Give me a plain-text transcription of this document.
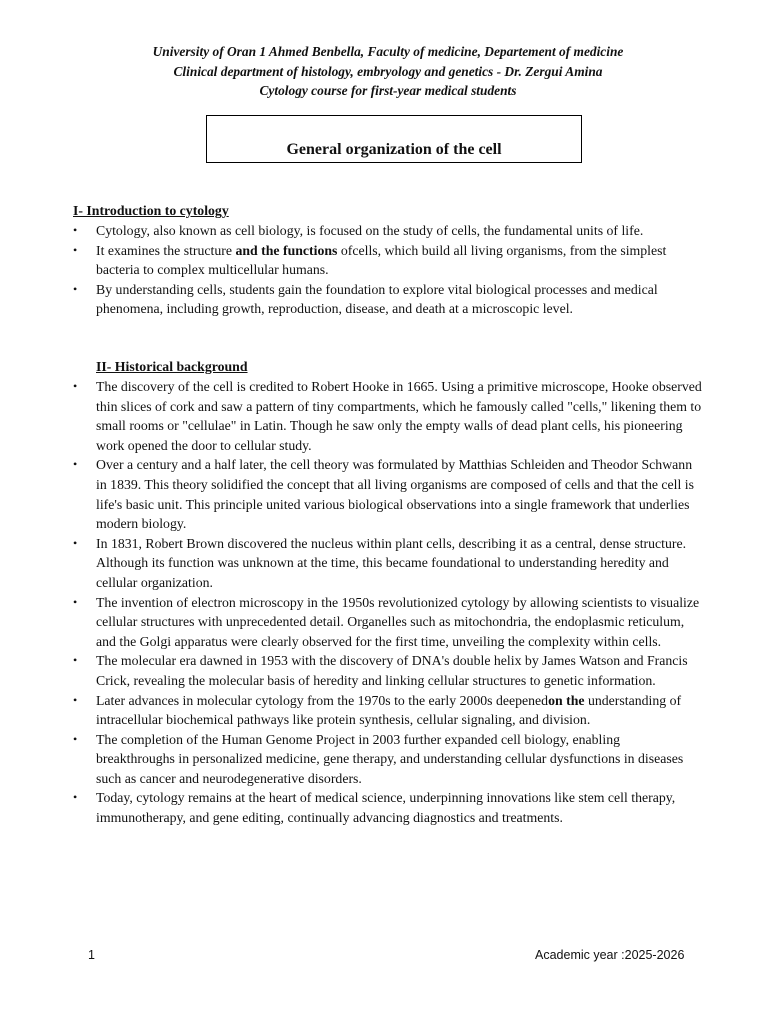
University of Oran 1 Ahmed Benbella, Faculty of medicine, Departement of medicine
Clinical department of histology, embryology and genetics - Dr. Zergui Amina
Cytology course for first-year medical students
General organization of the cell
I- Introduction to cytology
• Cytology, also known as cell biology, is focused on the study of cells, the fundamental units of life.
• It examines the structure and the functions ofcells, which build all living organisms, from the simplest bacteria to complex multicellular humans.
• By understanding cells, students gain the foundation to explore vital biological processes and medical phenomena, including growth, reproduction, disease, and death at a microscopic level.
II- Historical background
• The discovery of the cell is credited to Robert Hooke in 1665. Using a primitive microscope, Hooke observed thin slices of cork and saw a pattern of tiny compartments, which he famously called "cells," likening them to small rooms or "cellulae" in Latin. Though he saw only the empty walls of dead plant cells, his pioneering work opened the door to cellular study.
• Over a century and a half later, the cell theory was formulated by Matthias Schleiden and Theodor Schwann in 1839. This theory solidified the concept that all living organisms are composed of cells and that the cell is life's basic unit. This principle united various biological observations into a single framework that underlies modern biology.
• In 1831, Robert Brown discovered the nucleus within plant cells, describing it as a central, dense structure. Although its function was unknown at the time, this became foundational to understanding heredity and cellular organization.
• The invention of electron microscopy in the 1950s revolutionized cytology by allowing scientists to visualize cellular structures with unprecedented detail. Organelles such as mitochondria, the endoplasmic reticulum, and the Golgi apparatus were clearly observed for the first time, unveiling the complexity within cells.
• The molecular era dawned in 1953 with the discovery of DNA's double helix by James Watson and Francis Crick, revealing the molecular basis of heredity and linking cellular structures to genetic information.
• Later advances in molecular cytology from the 1970s to the early 2000s deepenedon the understanding of intracellular biochemical pathways like protein synthesis, cellular signaling, and division.
• The completion of the Human Genome Project in 2003 further expanded cell biology, enabling breakthroughs in personalized medicine, gene therapy, and understanding cellular dysfunctions in diseases such as cancer and neurodegenerative disorders.
• Today, cytology remains at the heart of medical science, underpinning innovations like stem cell therapy, immunotherapy, and gene editing, continually advancing diagnostics and treatments.
1	Academic year :2025-2026
